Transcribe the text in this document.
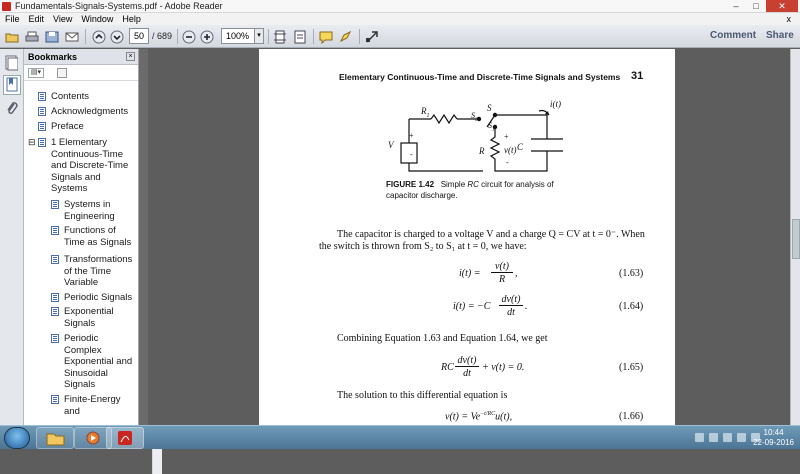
Fundamentals-Signals-Systems.pdf - Adobe Reader	–	□	✕
File Edit View Window Help	x
50 / 689	100%	▾	Comment Share
Bookmarks	×
▤▾
Contents
Acknowledgments
Preface
⊟ 1 Elementary
Continuous-Time
and Discrete-Time
Signals and
Systems
Systems in
Engineering
Functions of
Time as Signals
Transformations
of the Time
Variable
Periodic Signals
Exponential
Signals
Periodic
Complex
Exponential and
Sinusoidal
Signals
Finite-Energy
and
Elementary Continuous-Time and Discrete-Time Signals and Systems 31
$R_1$
S
$S_2$
$S_1$
i(t)
V
+
-	R
+
v(t)
-
C
FIGURE 1.42 Simple RC circuit for analysis of
capacitor discharge.
The capacitor is charged to a voltage V and a charge Q = CV at t = 0⁻. When
the switch is thrown from S₂ to S₁ at t = 0, we have:
i(t) =
v(t)
R
,	(1.63)
i(t) = −C
dv(t)
dt
.	(1.64)
Combining Equation 1.63 and Equation 1.64, we get
RC
dv(t)
dt
+ v(t) = 0.	(1.65)
The solution to this differential equation is
$v(t) = Ve^{-t/RC}u(t)$,	(1.66)
10:44
22-09-2016
